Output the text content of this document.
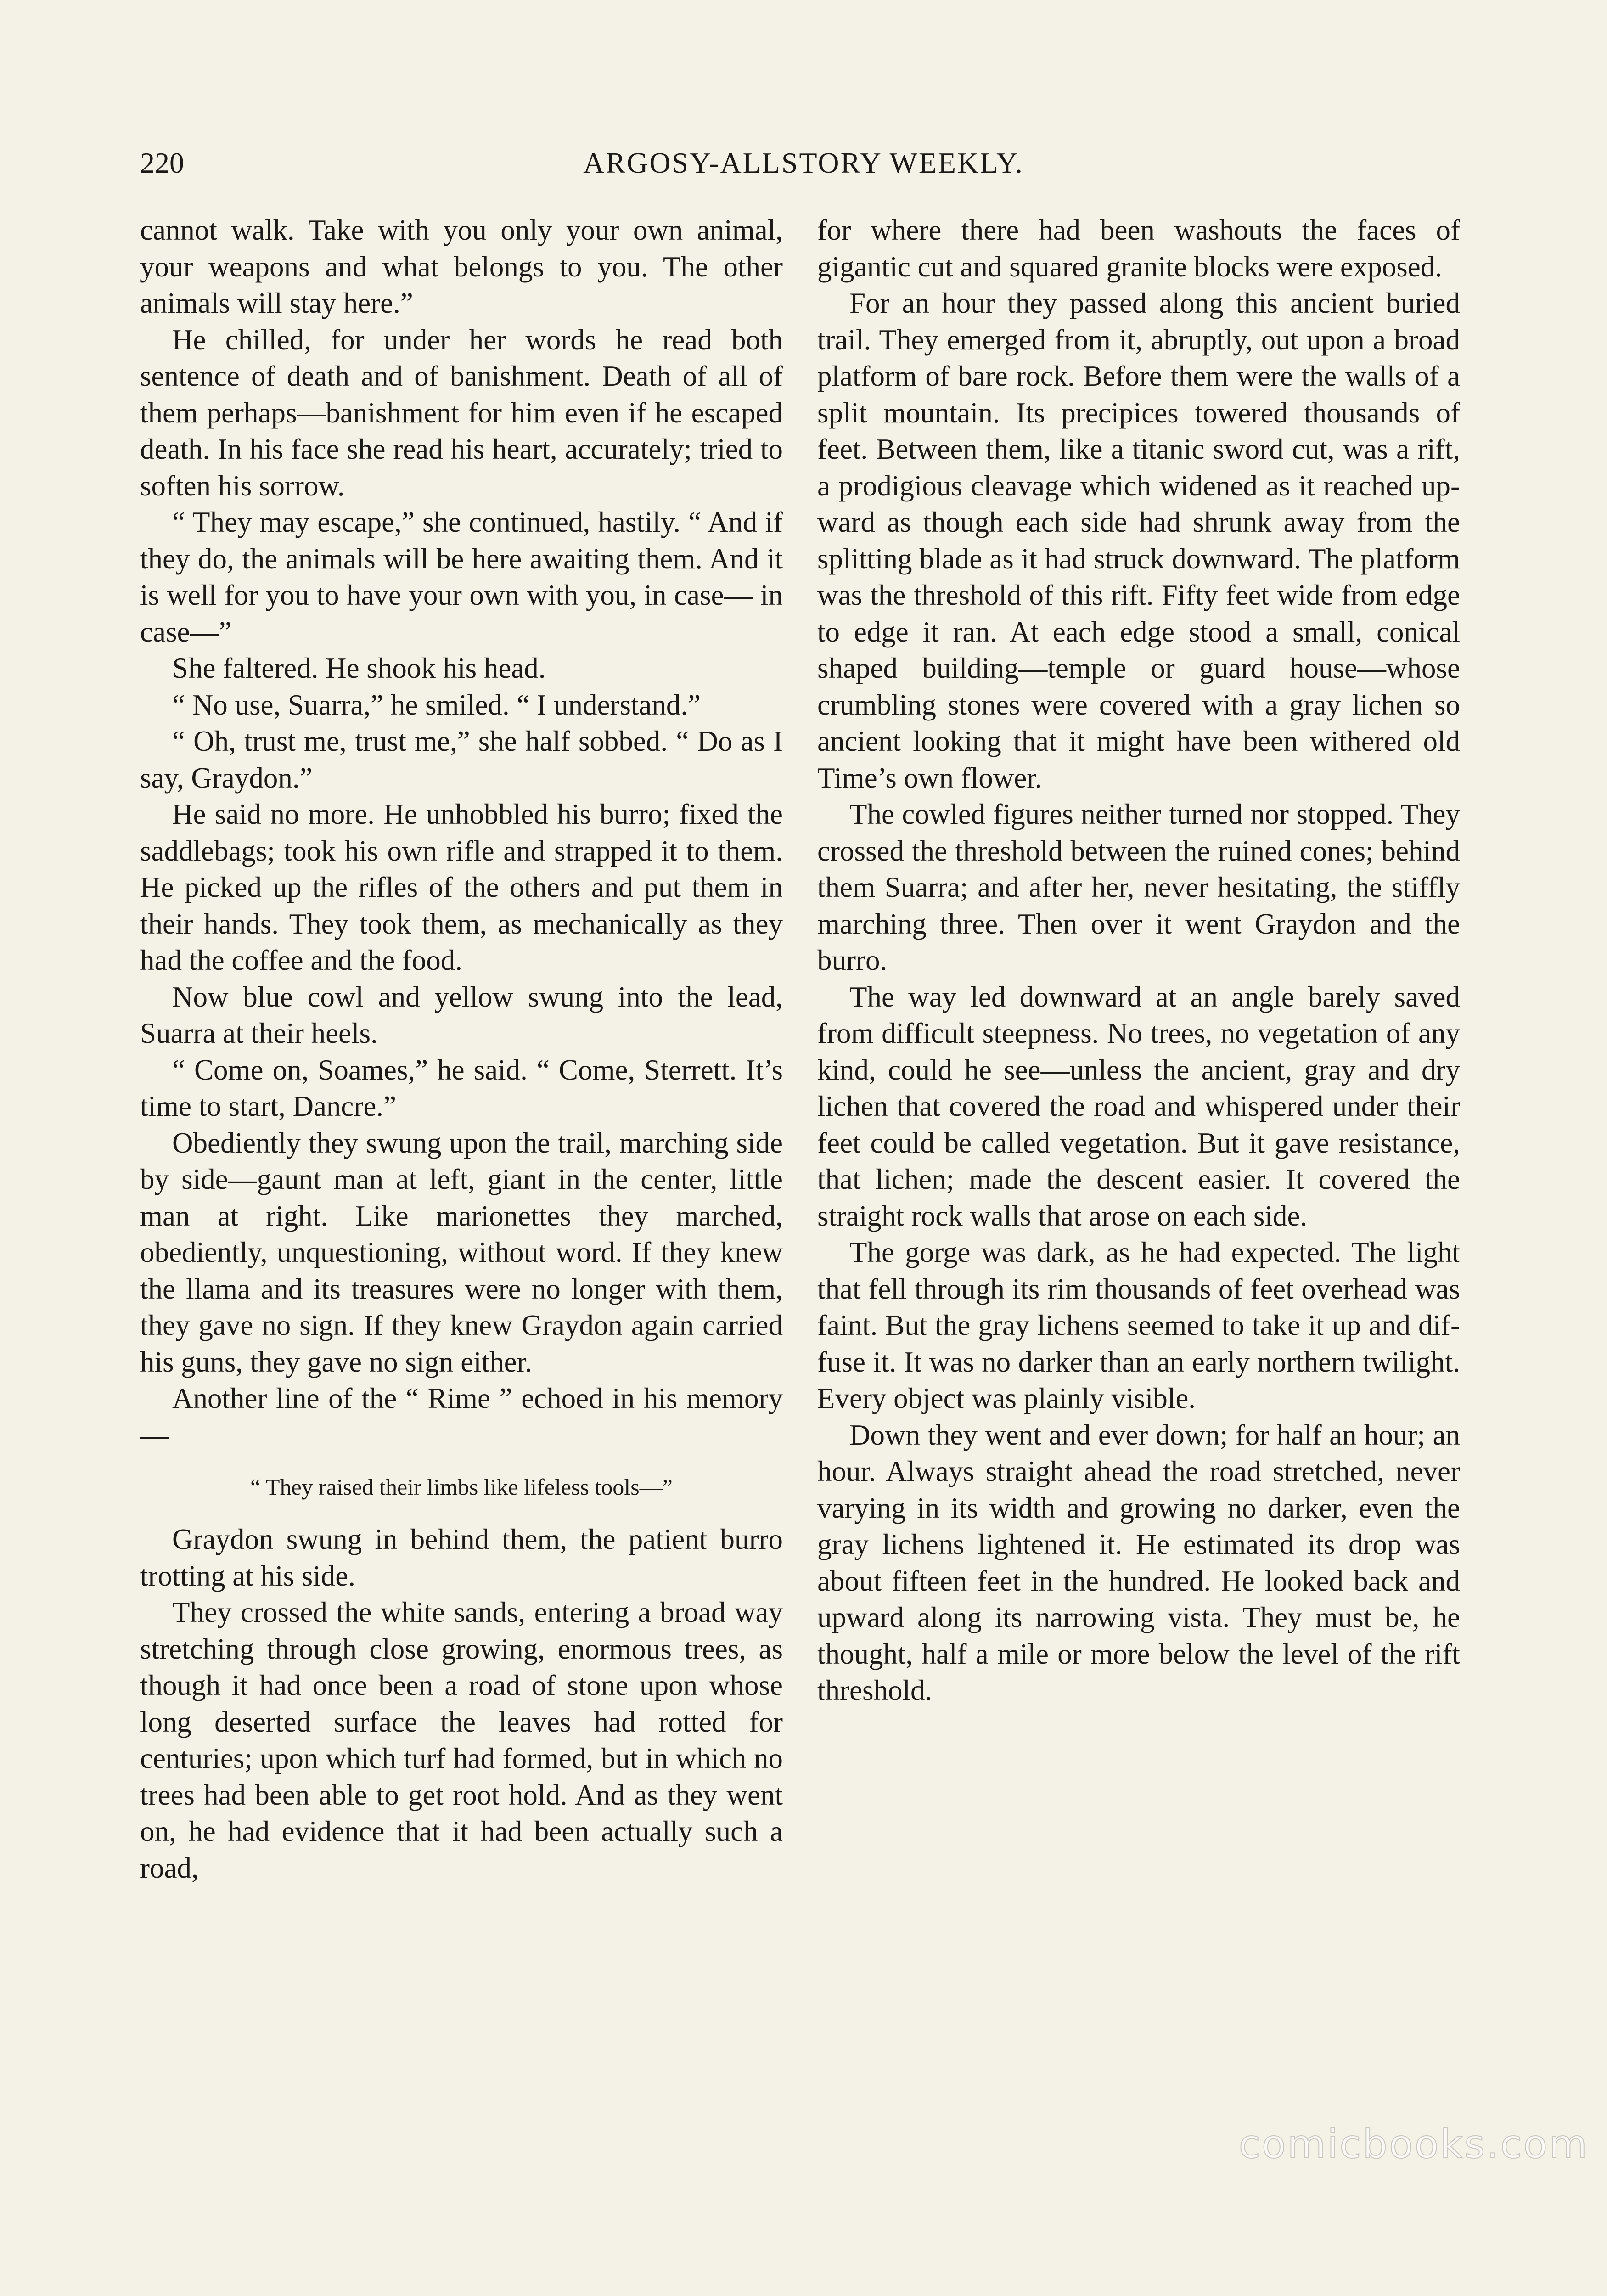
220	ARGOSY-ALLSTORY WEEKLY.

cannot walk. Take with you only your own animal, your weapons and what belongs to you. The other animals will stay here.”

He chilled, for under her words he read both sentence of death and of banishment. Death of all of them perhaps—banishment for him even if he escaped death. In his face she read his heart, accurately; tried to soften his sorrow.

“ They may escape,” she continued, hastily. “ And if they do, the animals will be here awaiting them. And it is well for you to have your own with you, in case— in case—”

She faltered. He shook his head.

“ No use, Suarra,” he smiled. “ I understand.”

“ Oh, trust me, trust me,” she half sobbed. “ Do as I say, Graydon.”

He said no more. He unhobbled his burro; fixed the saddlebags; took his own rifle and strapped it to them. He picked up the rifles of the others and put them in their hands. They took them, as mechanically as they had the coffee and the food.

Now blue cowl and yellow swung into the lead, Suarra at their heels.

“ Come on, Soames,” he said. “ Come, Sterrett. It’s time to start, Dancre.”

Obediently they swung upon the trail, marching side by side—gaunt man at left, giant in the center, little man at right. Like marionettes they marched, obediently, unquestioning, without word. If they knew the llama and its treasures were no longer with them, they gave no sign. If they knew Graydon again carried his guns, they gave no sign either.

Another line of the “ Rime ” echoed in his memory—

“ They raised their limbs like lifeless tools—”

Graydon swung in behind them, the patient burro trotting at his side.

They crossed the white sands, entering a broad way stretching through close growing, enormous trees, as though it had once been a road of stone upon whose long deserted surface the leaves had rotted for centuries; upon which turf had formed, but in which no trees had been able to get root hold. And as they went on, he had evidence that it had been actually such a road,

for where there had been washouts the faces of gigantic cut and squared granite blocks were exposed.

For an hour they passed along this ancient buried trail. They emerged from it, abruptly, out upon a broad platform of bare rock. Before them were the walls of a split mountain. Its precipices towered thousands of feet. Between them, like a titanic sword cut, was a rift, a prodigious cleavage which widened as it reached upward as though each side had shrunk away from the splitting blade as it had struck downward. The platform was the threshold of this rift. Fifty feet wide from edge to edge it ran. At each edge stood a small, conical shaped building—temple or guard house—whose crumbling stones were covered with a gray lichen so ancient looking that it might have been withered old Time’s own flower.

The cowled figures neither turned nor stopped. They crossed the threshold between the ruined cones; behind them Suarra; and after her, never hesitating, the stiffly marching three. Then over it went Graydon and the burro.

The way led downward at an angle barely saved from difficult steepness. No trees, no vegetation of any kind, could he see—unless the ancient, gray and dry lichen that covered the road and whispered under their feet could be called vegetation. But it gave resistance, that lichen; made the descent easier. It covered the straight rock walls that arose on each side.

The gorge was dark, as he had expected. The light that fell through its rim thousands of feet overhead was faint. But the gray lichens seemed to take it up and diffuse it. It was no darker than an early northern twilight. Every object was plainly visible.

Down they went and ever down; for half an hour; an hour. Always straight ahead the road stretched, never varying in its width and growing no darker, even the gray lichens lightened it. He estimated its drop was about fifteen feet in the hundred. He looked back and upward along its narrowing vista. They must be, he thought, half a mile or more below the level of the rift threshold.

comicbooks.com
